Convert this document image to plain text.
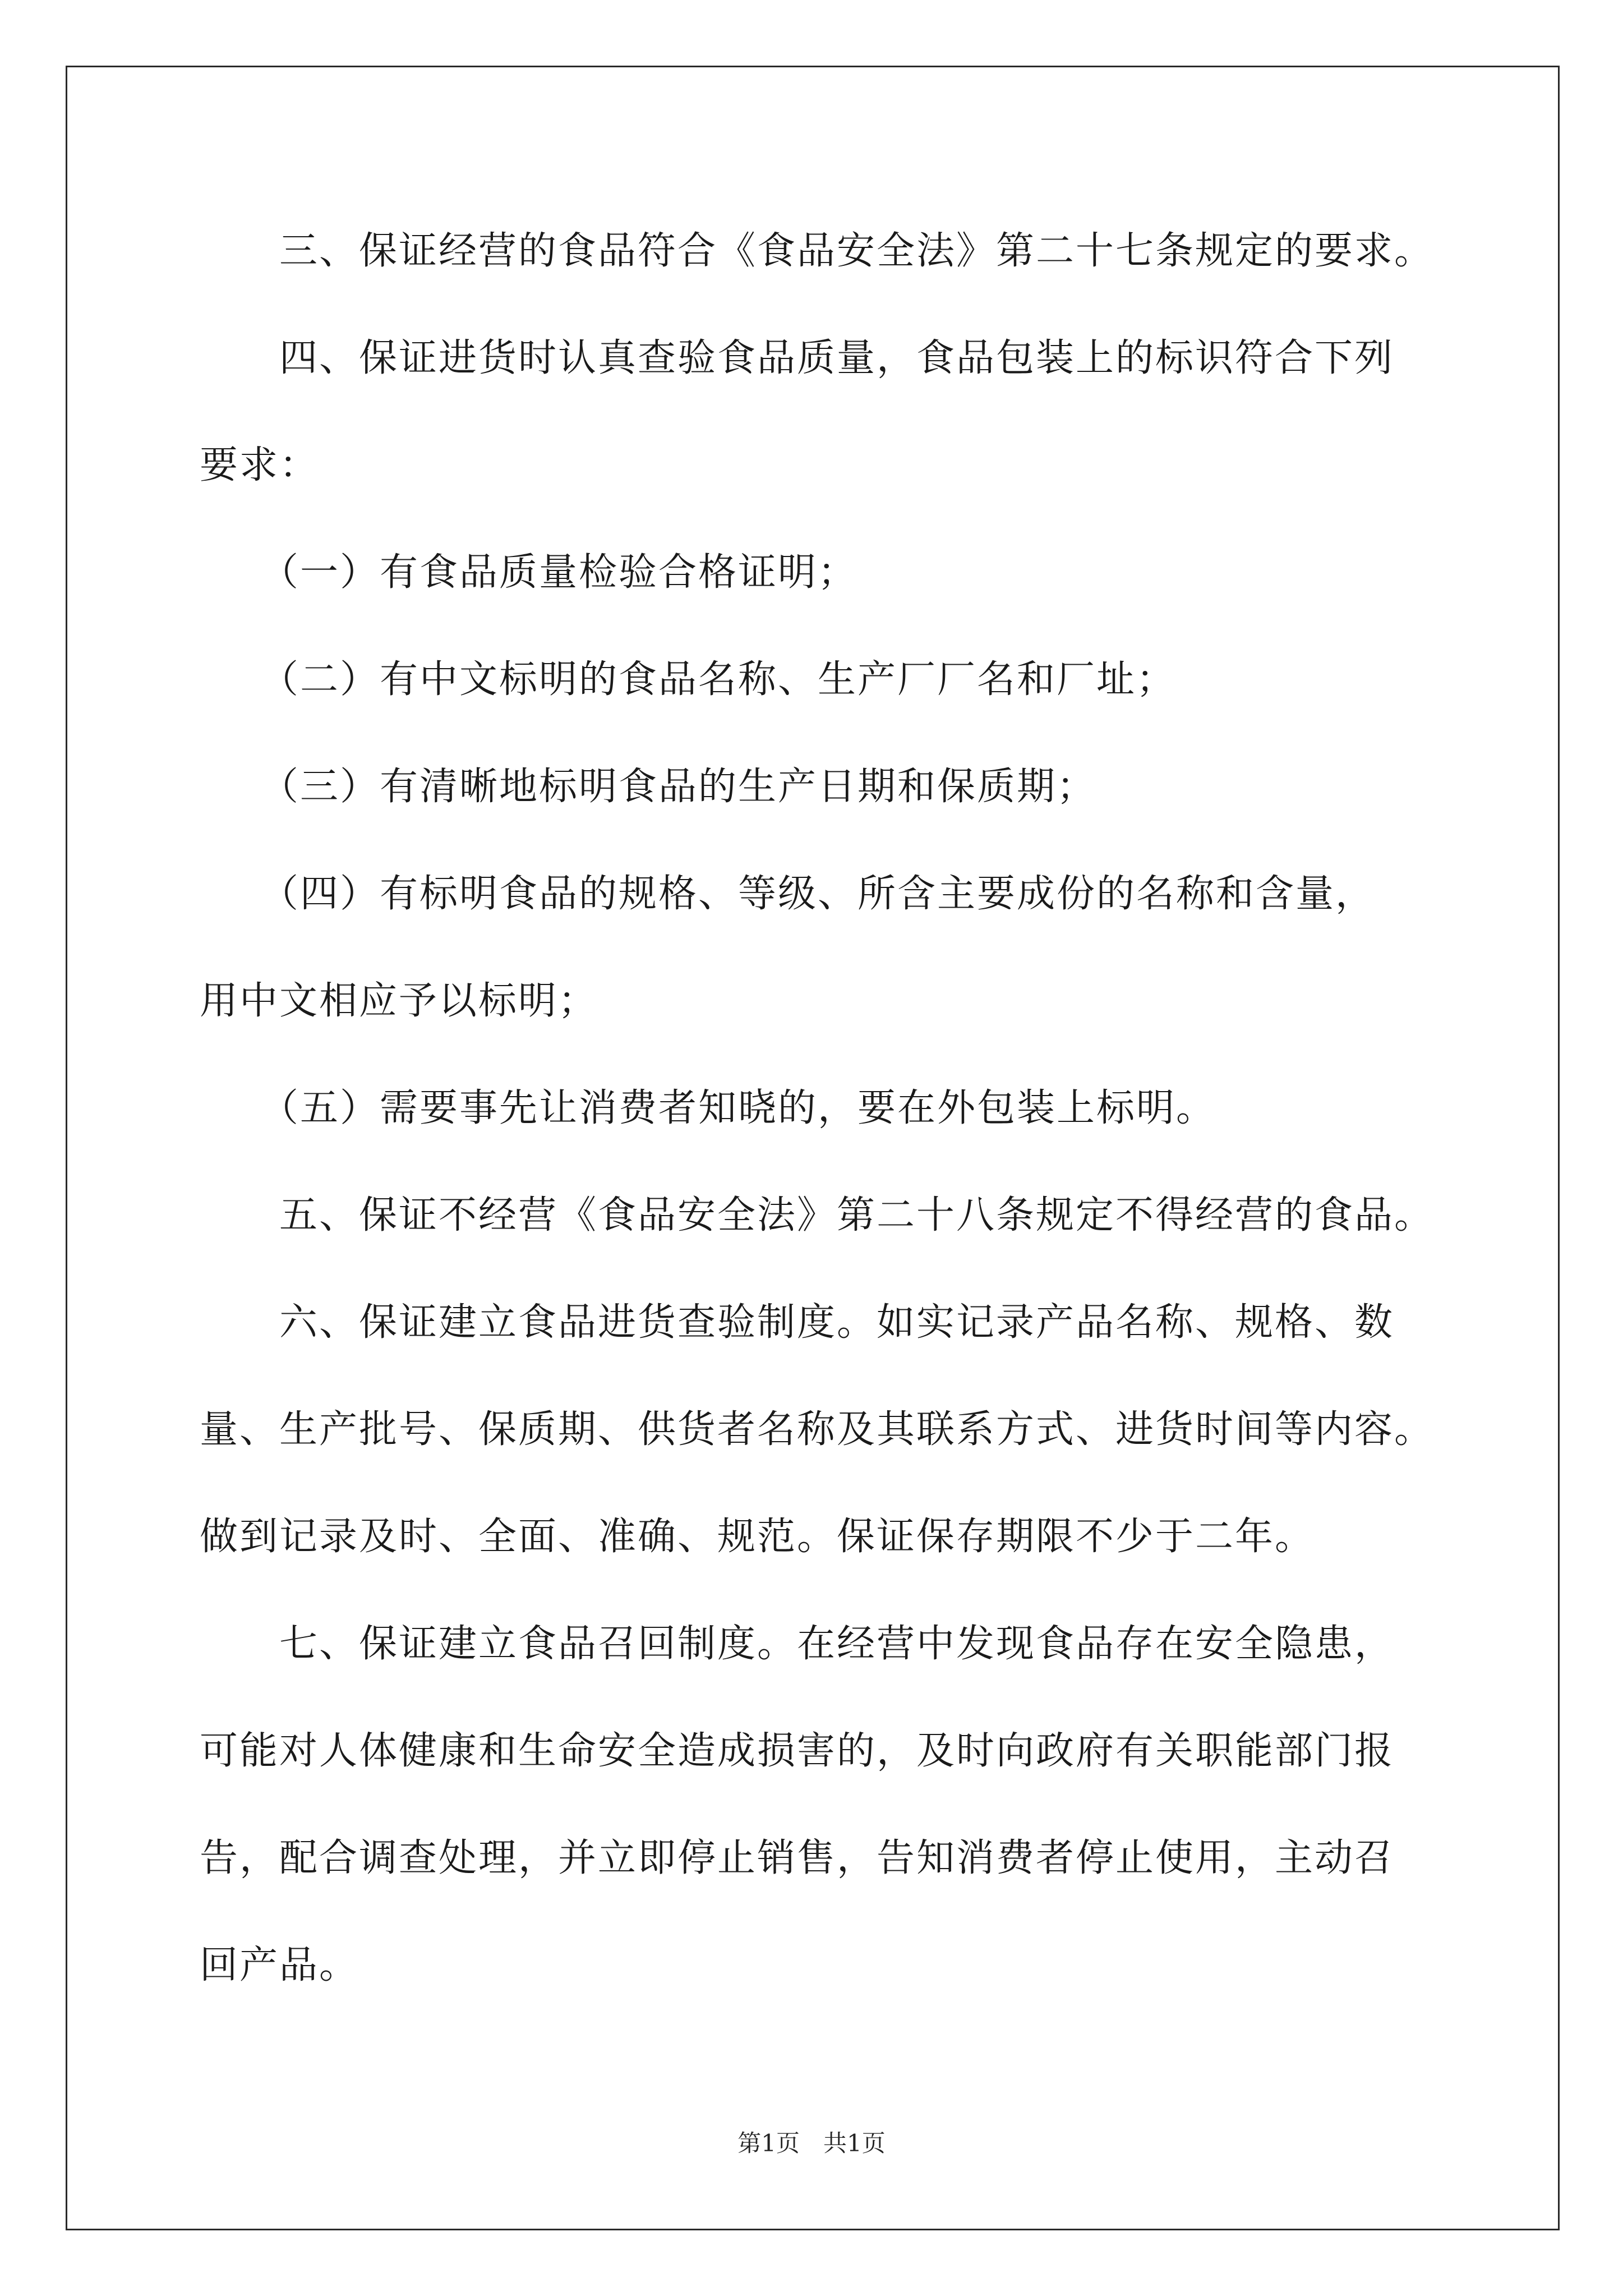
　　三、保证经营的食品符合《食品安全法》第二十七条规定的要求。
　　四、保证进货时认真查验食品质量，食品包装上的标识符合下列
要求：
　　（一）有食品质量检验合格证明；
　　（二）有中文标明的食品名称、生产厂厂名和厂址；
　　（三）有清晰地标明食品的生产日期和保质期；
　　（四）有标明食品的规格、等级、所含主要成份的名称和含量，
用中文相应予以标明；
　　（五）需要事先让消费者知晓的，要在外包装上标明。
　　五、保证不经营《食品安全法》第二十八条规定不得经营的食品。
　　六、保证建立食品进货查验制度。如实记录产品名称、规格、数
量、生产批号、保质期、供货者名称及其联系方式、进货时间等内容。
做到记录及时、全面、准确、规范。保证保存期限不少于二年。
　　七、保证建立食品召回制度。在经营中发现食品存在安全隐患，
可能对人体健康和生命安全造成损害的，及时向政府有关职能部门报
告，配合调查处理，并立即停止销售，告知消费者停止使用，主动召
回产品。
第1页　共1页
